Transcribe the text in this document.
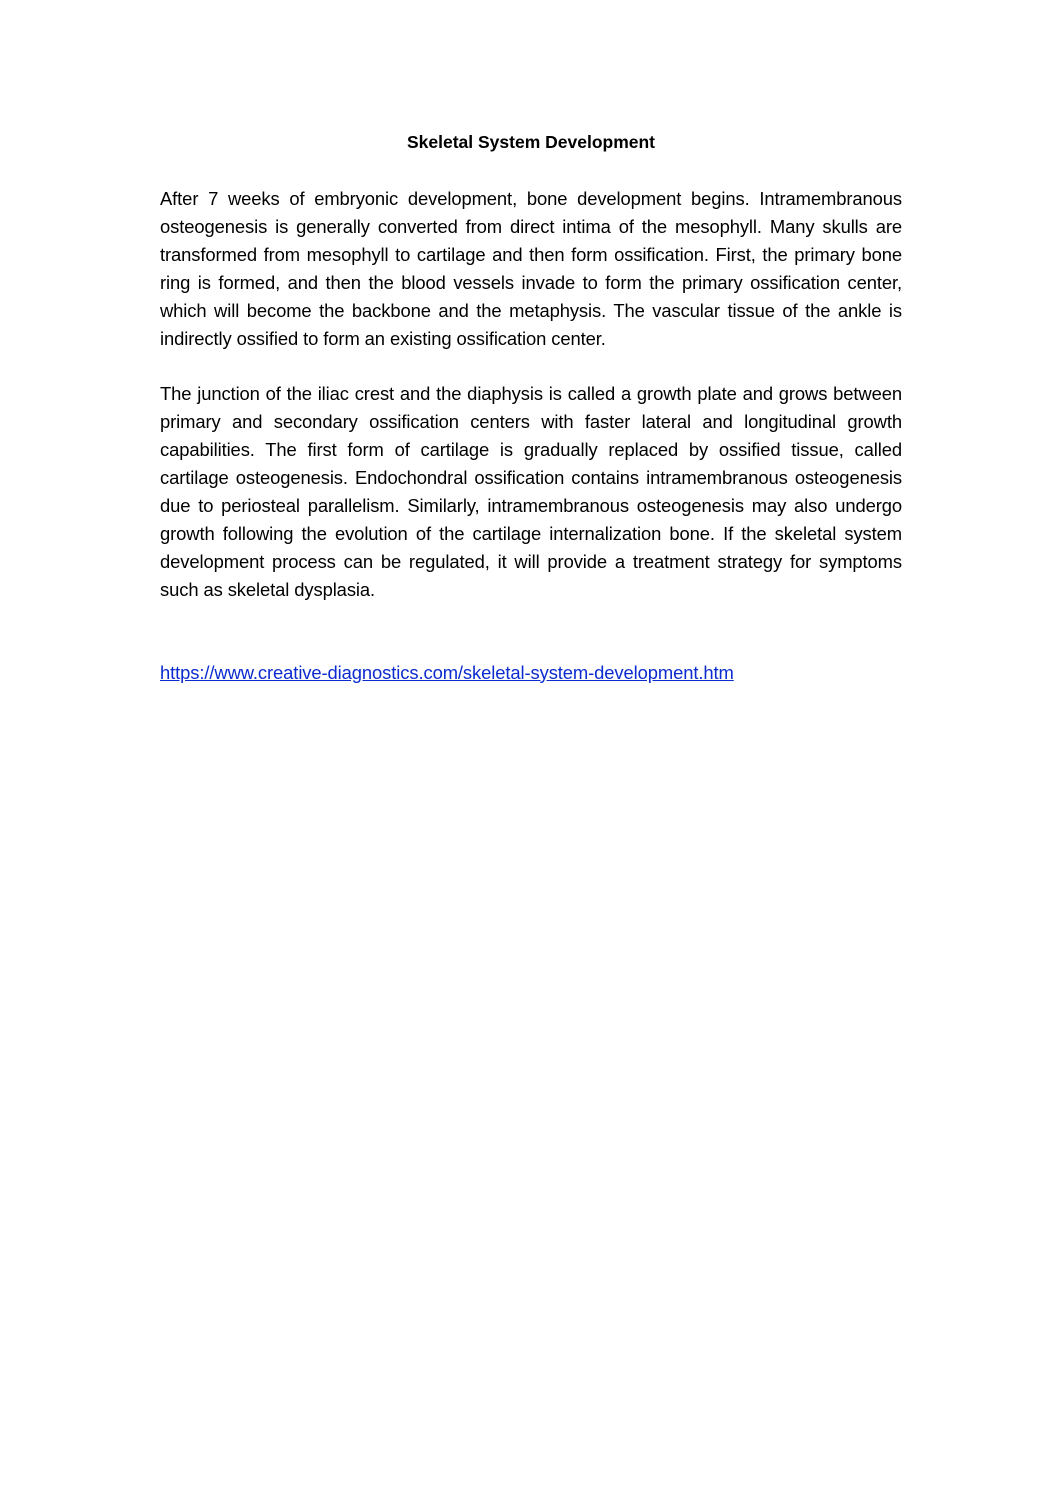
Skeletal System Development

After 7 weeks of embryonic development, bone development begins. Intramembranous osteogenesis is generally converted from direct intima of the mesophyll. Many skulls are transformed from mesophyll to cartilage and then form ossification. First, the primary bone ring is formed, and then the blood vessels invade to form the primary ossification center, which will become the backbone and the metaphysis. The vascular tissue of the ankle is indirectly ossified to form an existing ossification center.

The junction of the iliac crest and the diaphysis is called a growth plate and grows between primary and secondary ossification centers with faster lateral and longitudinal growth capabilities. The first form of cartilage is gradually replaced by ossified tissue, called cartilage osteogenesis. Endochondral ossification contains intramembranous osteogenesis due to periosteal parallelism. Similarly, intramembranous osteogenesis may also undergo growth following the evolution of the cartilage internalization bone. If the skeletal system development process can be regulated, it will provide a treatment strategy for symptoms such as skeletal dysplasia.

https://www.creative-diagnostics.com/skeletal-system-development.htm
